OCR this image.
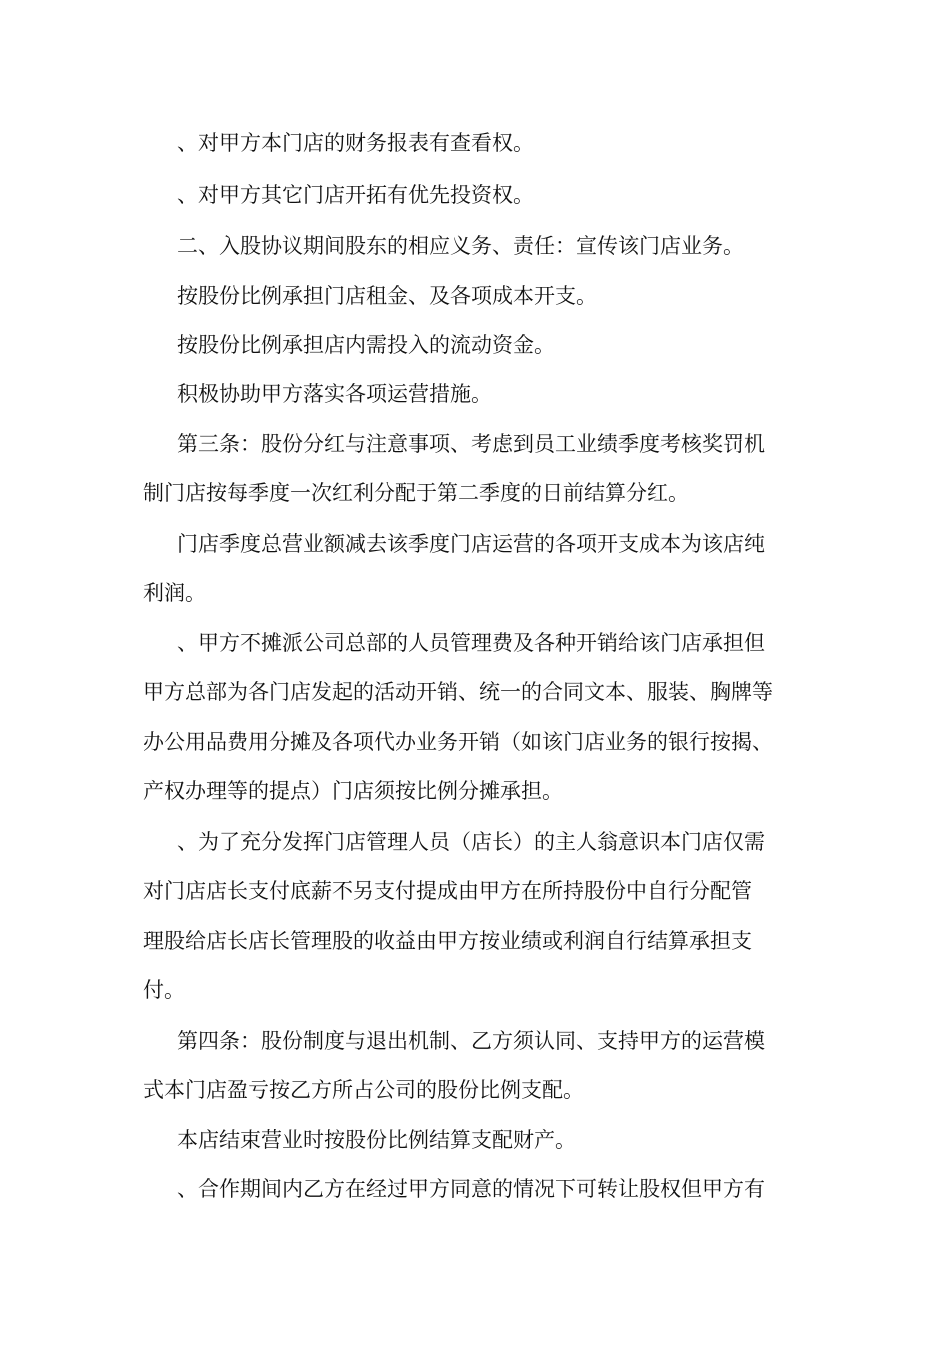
、对甲方本门店的财务报表有查看权。
、对甲方其它门店开拓有优先投资权。
二、入股协议期间股东的相应义务、责任：宣传该门店业务。
按股份比例承担门店租金、及各项成本开支。
按股份比例承担店内需投入的流动资金。
积极协助甲方落实各项运营措施。
第三条：股份分红与注意事项、考虑到员工业绩季度考核奖罚机
制门店按每季度一次红利分配于第二季度的日前结算分红。
门店季度总营业额减去该季度门店运营的各项开支成本为该店纯
利润。
、甲方不摊派公司总部的人员管理费及各种开销给该门店承担但
甲方总部为各门店发起的活动开销、统一的合同文本、服装、胸牌等
办公用品费用分摊及各项代办业务开销（如该门店业务的银行按揭、
产权办理等的提点）门店须按比例分摊承担。
、为了充分发挥门店管理人员（店长）的主人翁意识本门店仅需
对门店店长支付底薪不另支付提成由甲方在所持股份中自行分配管
理股给店长店长管理股的收益由甲方按业绩或利润自行结算承担支
付。
第四条：股份制度与退出机制、乙方须认同、支持甲方的运营模
式本门店盈亏按乙方所占公司的股份比例支配。
本店结束营业时按股份比例结算支配财产。
、合作期间内乙方在经过甲方同意的情况下可转让股权但甲方有
